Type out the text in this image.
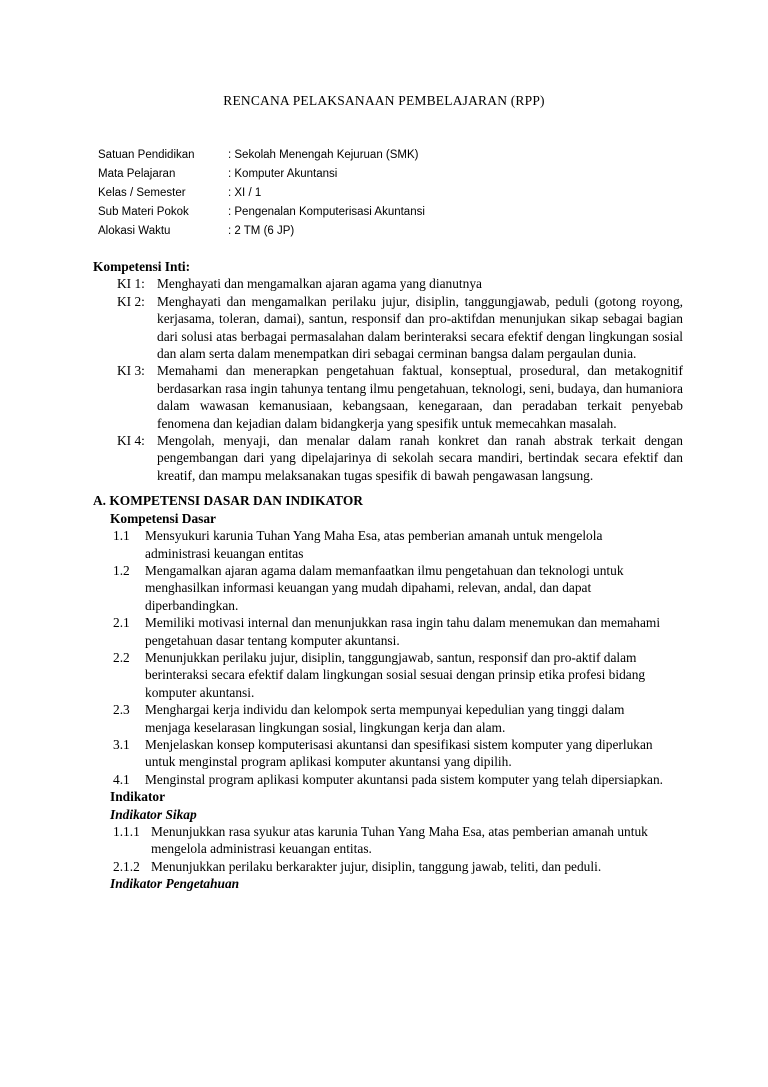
RENCANA PELAKSANAAN PEMBELAJARAN (RPP)
Satuan Pendidikan	: Sekolah Menengah Kejuruan (SMK)
Mata Pelajaran	: Komputer Akuntansi
Kelas / Semester	: XI / 1
Sub Materi Pokok	: Pengenalan Komputerisasi Akuntansi
Alokasi Waktu	: 2 TM (6 JP)
Kompetensi Inti:
KI 1: Menghayati dan mengamalkan ajaran agama yang dianutnya
KI 2: Menghayati dan mengamalkan perilaku jujur, disiplin, tanggungjawab, peduli (gotong royong, kerjasama, toleran, damai), santun, responsif dan pro-aktifdan menunjukan sikap sebagai bagian dari solusi atas berbagai permasalahan dalam berinteraksi secara efektif dengan lingkungan sosial dan alam serta dalam menempatkan diri sebagai cerminan bangsa dalam pergaulan dunia.
KI 3: Memahami dan menerapkan pengetahuan faktual, konseptual, prosedural, dan metakognitif berdasarkan rasa ingin tahunya tentang ilmu pengetahuan, teknologi, seni, budaya, dan humaniora dalam wawasan kemanusiaan, kebangsaan, kenegaraan, dan peradaban terkait penyebab fenomena dan kejadian dalam bidangkerja yang spesifik untuk memecahkan masalah.
KI 4: Mengolah, menyaji, dan menalar dalam ranah konkret dan ranah abstrak terkait dengan pengembangan dari yang dipelajarinya di sekolah secara mandiri, bertindak secara efektif dan kreatif, dan mampu melaksanakan tugas spesifik di bawah pengawasan langsung.
A. KOMPETENSI DASAR DAN INDIKATOR
Kompetensi Dasar
1.1	Mensyukuri karunia Tuhan Yang Maha Esa, atas pemberian amanah untuk mengelola administrasi keuangan entitas
1.2	Mengamalkan ajaran agama dalam memanfaatkan ilmu pengetahuan dan teknologi untuk menghasilkan informasi keuangan yang mudah dipahami, relevan, andal, dan dapat diperbandingkan.
2.1	Memiliki motivasi internal dan menunjukkan rasa ingin tahu dalam menemukan dan memahami pengetahuan dasar tentang komputer akuntansi.
2.2	Menunjukkan perilaku jujur, disiplin, tanggungjawab, santun, responsif dan pro-aktif dalam berinteraksi secara efektif dalam lingkungan sosial sesuai dengan prinsip etika profesi bidang komputer akuntansi.
2.3	Menghargai kerja individu dan kelompok serta mempunyai kepedulian yang tinggi dalam menjaga keselarasan lingkungan sosial, lingkungan kerja dan alam.
3.1	Menjelaskan konsep komputerisasi akuntansi dan spesifikasi sistem komputer yang diperlukan untuk menginstal program aplikasi komputer akuntansi yang dipilih.
4.1	Menginstal program aplikasi komputer akuntansi pada sistem komputer yang telah dipersiapkan.
Indikator
Indikator Sikap
1.1.1 Menunjukkan rasa syukur atas karunia Tuhan Yang Maha Esa, atas pemberian amanah untuk mengelola administrasi keuangan entitas.
2.1.2 Menunjukkan perilaku berkarakter jujur, disiplin, tanggung jawab, teliti, dan peduli.
Indikator Pengetahuan
